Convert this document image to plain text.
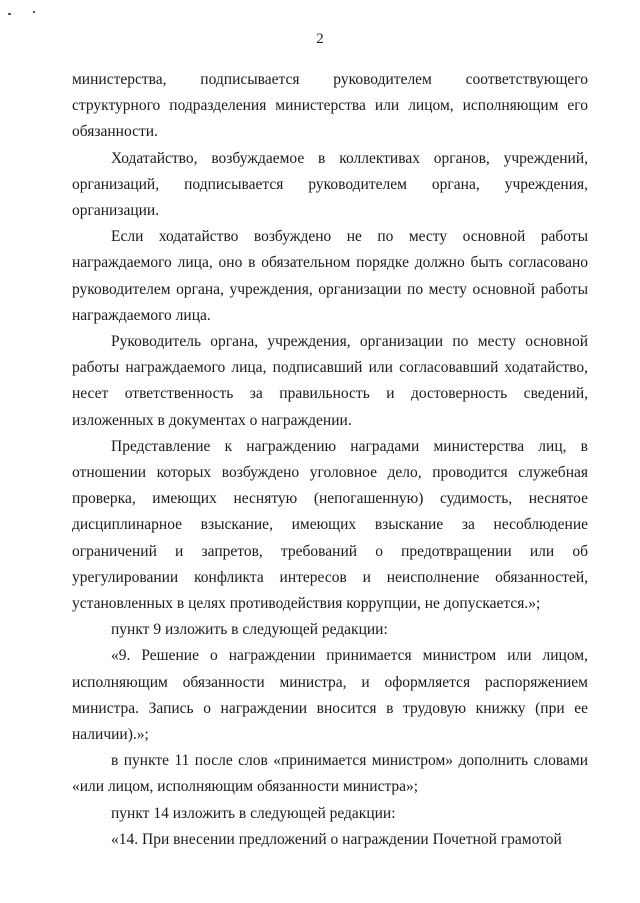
2

министерства, подписывается руководителем соответствующего структурного подразделения министерства или лицом, исполняющим его обязанности.

Ходатайство, возбуждаемое в коллективах органов, учреждений, организаций, подписывается руководителем органа, учреждения, организации.

Если ходатайство возбуждено не по месту основной работы награждаемого лица, оно в обязательном порядке должно быть согласовано руководителем органа, учреждения, организации по месту основной работы награждаемого лица.

Руководитель органа, учреждения, организации по месту основной работы награждаемого лица, подписавший или согласовавший ходатайство, несет ответственность за правильность и достоверность сведений, изложенных в документах о награждении.

Представление к награждению наградами министерства лиц, в отношении которых возбуждено уголовное дело, проводится служебная проверка, имеющих неснятую (непогашенную) судимость, неснятое дисциплинарное взыскание, имеющих взыскание за несоблюдение ограничений и запретов, требований о предотвращении или об урегулировании конфликта интересов и неисполнение обязанностей, установленных в целях противодействия коррупции, не допускается.»;

пункт 9 изложить в следующей редакции:

«9. Решение о награждении принимается министром или лицом, исполняющим обязанности министра, и оформляется распоряжением министра. Запись о награждении вносится в трудовую книжку (при ее наличии).»;

в пункте 11 после слов «принимается министром» дополнить словами «или лицом, исполняющим обязанности министра»;

пункт 14 изложить в следующей редакции:

«14. При внесении предложений о награждении Почетной грамотой
